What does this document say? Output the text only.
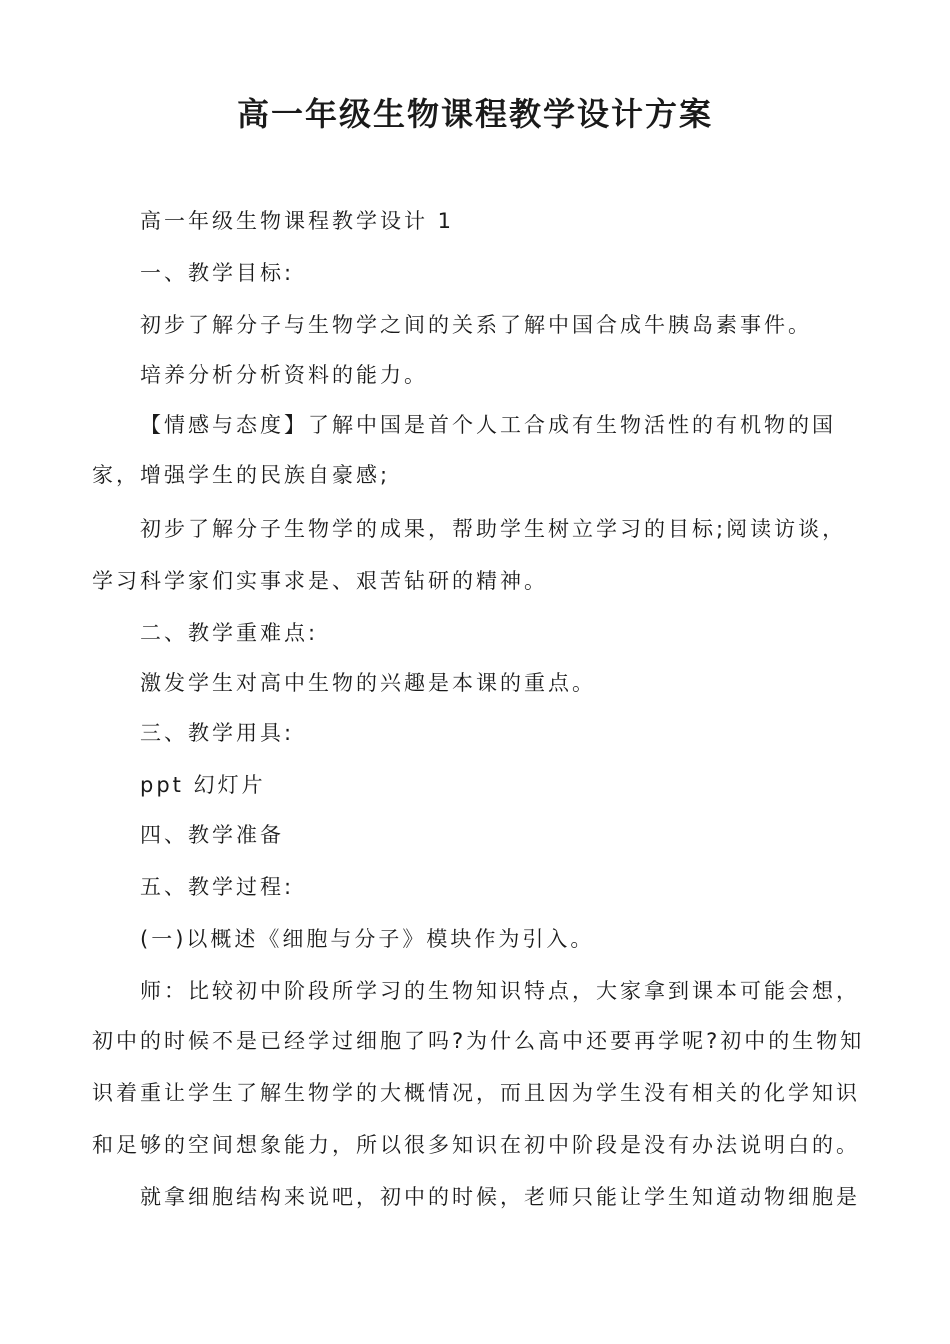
高一年级生物课程教学设计方案

高一年级生物课程教学设计 1

一、教学目标:

初步了解分子与生物学之间的关系了解中国合成牛胰岛素事件。

培养分析分析资料的能力。

【情感与态度】了解中国是首个人工合成有生物活性的有机物的国

家，增强学生的民族自豪感;

初步了解分子生物学的成果，帮助学生树立学习的目标;阅读访谈，

学习科学家们实事求是、艰苦钻研的精神。

二、教学重难点:

激发学生对高中生物的兴趣是本课的重点。

三、教学用具:

ppt 幻灯片

四、教学准备

五、教学过程:

(一)以概述《细胞与分子》模块作为引入。

师：比较初中阶段所学习的生物知识特点，大家拿到课本可能会想，

初中的时候不是已经学过细胞了吗?为什么高中还要再学呢?初中的生物知

识着重让学生了解生物学的大概情况，而且因为学生没有相关的化学知识

和足够的空间想象能力，所以很多知识在初中阶段是没有办法说明白的。

就拿细胞结构来说吧，初中的时候，老师只能让学生知道动物细胞是
